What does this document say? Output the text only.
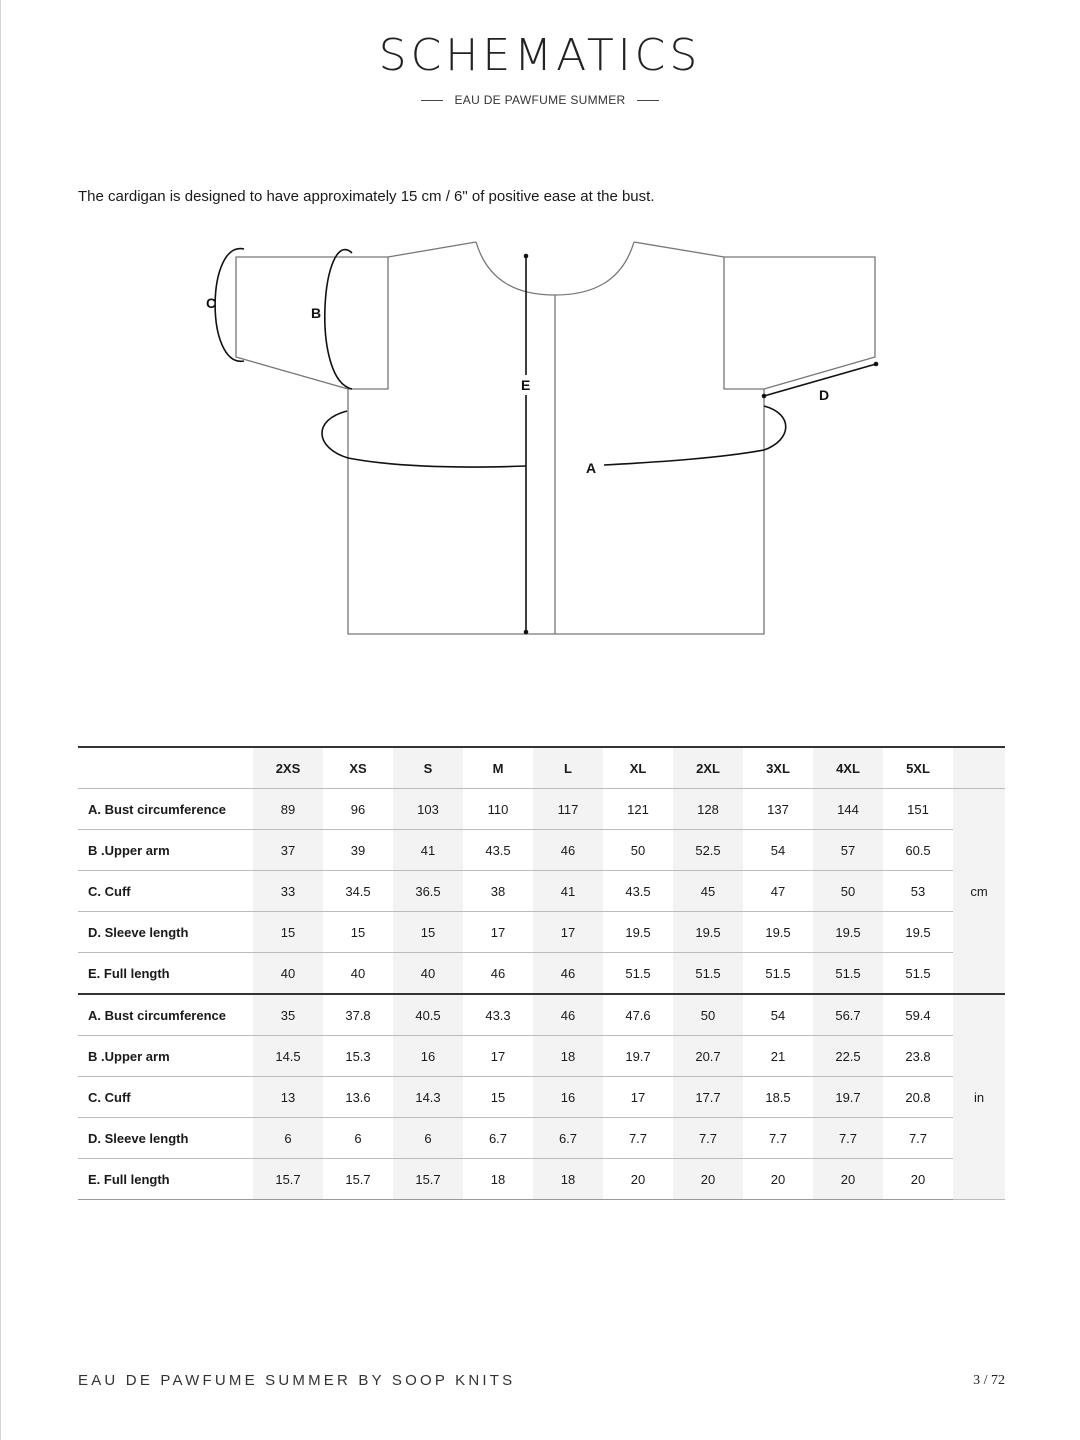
SCHEMATICS
EAU DE PAWFUME SUMMER
The cardigan is designed to have approximately 15 cm / 6" of positive ease at the bust.
C
B
E
A
D
	2XS	XS	S	M	L	XL	2XL	3XL	4XL	5XL	
A. Bust circumference	89	96	103	110	117	121	128	137	144	151	cm
B .Upper arm	37	39	41	43.5	46	50	52.5	54	57	60.5	
C. Cuff	33	34.5	36.5	38	41	43.5	45	47	50	53	
D. Sleeve length	15	15	15	17	17	19.5	19.5	19.5	19.5	19.5	
E. Full length	40	40	40	46	46	51.5	51.5	51.5	51.5	51.5	
A. Bust circumference	35	37.8	40.5	43.3	46	47.6	50	54	56.7	59.4	in
B .Upper arm	14.5	15.3	16	17	18	19.7	20.7	21	22.5	23.8	
C. Cuff	13	13.6	14.3	15	16	17	17.7	18.5	19.7	20.8	
D. Sleeve length	6	6	6	6.7	6.7	7.7	7.7	7.7	7.7	7.7	
E. Full length	15.7	15.7	15.7	18	18	20	20	20	20	20	
EAU DE PAWFUME SUMMER BY SOOP KNITS	3 / 72
